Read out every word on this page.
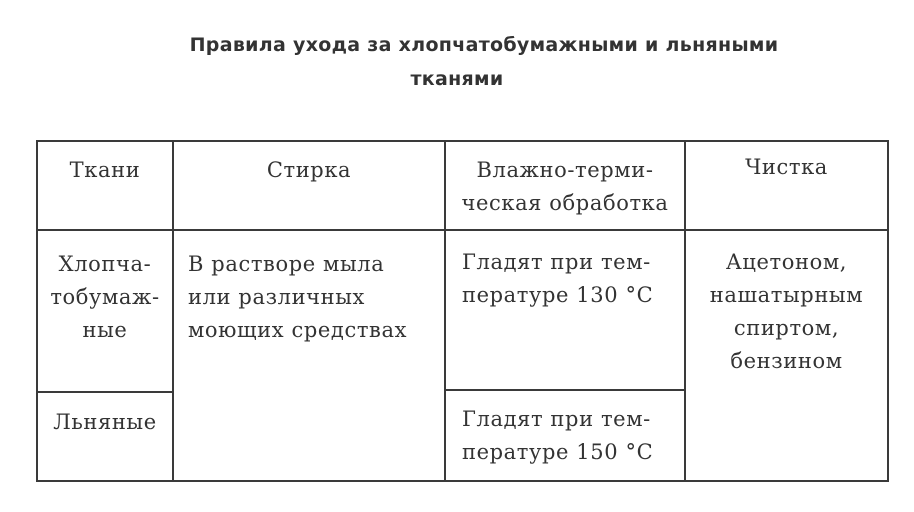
Правила ухода за хлопчатобумажными и льняными
тканями
Ткани	Стирка	Влажно-терми-
ческая обработка
Чистка
Хлопча-
тобумаж-
ные
Льняные
В растворе мыла
или различных
моющих средствах
Гладят при тем-
пературе 130 °С
Гладят при тем-
пературе 150 °С
Ацетоном,
нашатырным
спиртом,
бензином
